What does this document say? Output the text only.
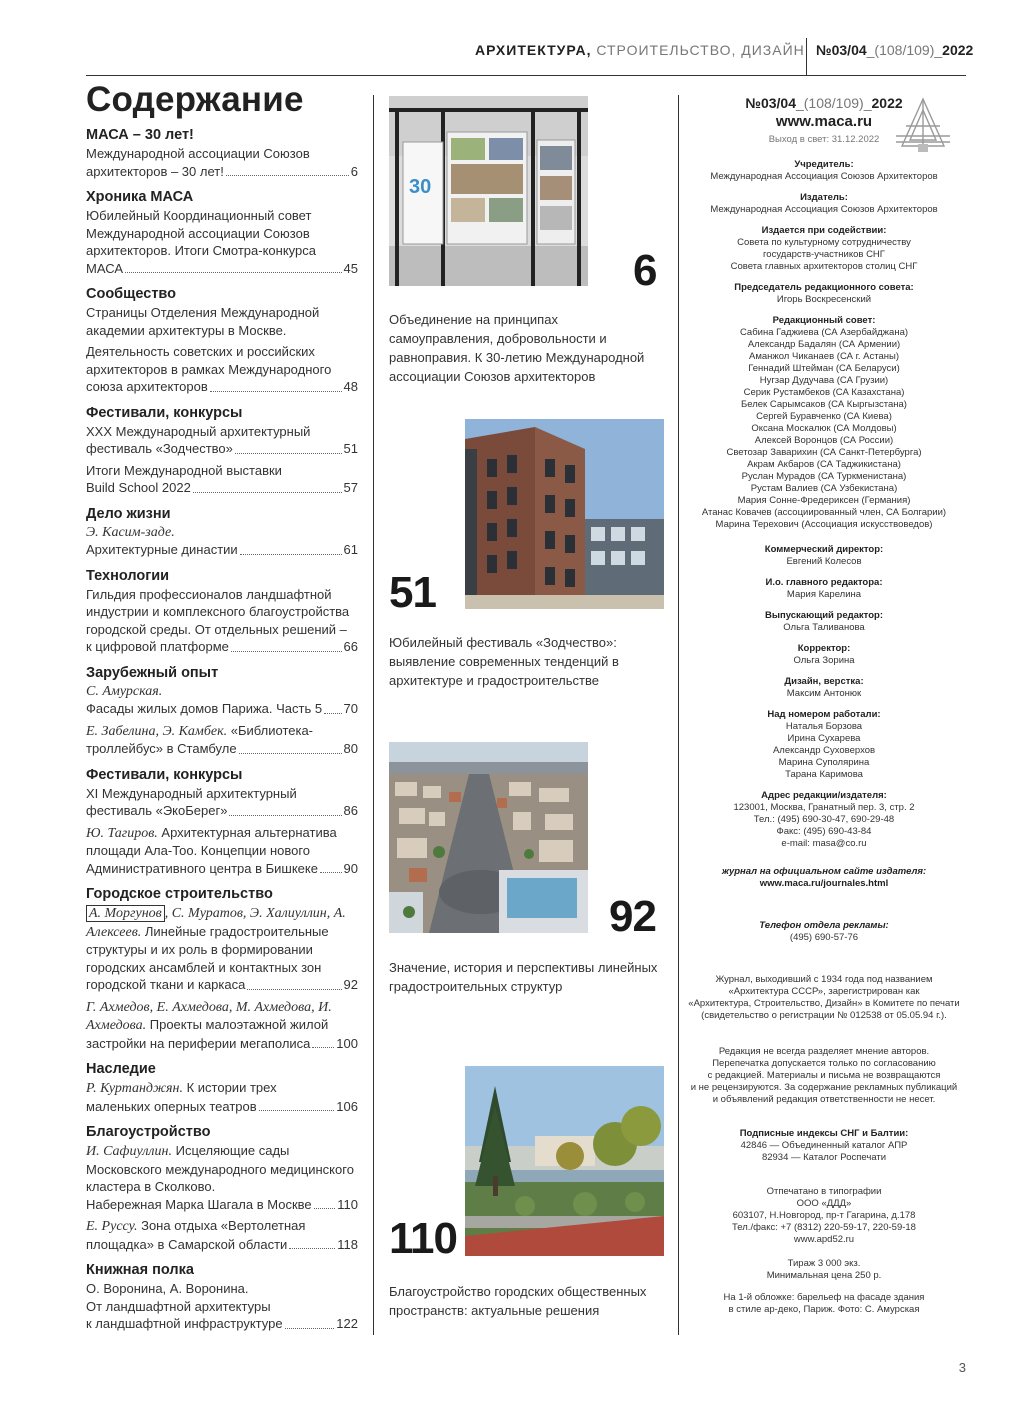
АРХИТЕКТУРА, СТРОИТЕЛЬСТВО, ДИЗАЙН №03/04_(108/109)_2022
Содержание
МАСА – 30 лет!
Международной ассоциации Союзов
архитекторов – 30 лет!	6
Хроника МАСА
Юбилейный Координационный совет Международной ассоциации Союзов архитекторов. Итоги Смотра-конкурса
МАСА	45
Сообщество
Страницы Отделения Международной академии архитектуры в Москве.
Деятельность советских и российских архитекторов в рамках Международного
союза архитекторов	48
Фестивали, конкурсы
XXX Международный архитектурный
фестиваль «Зодчество»	51
Итоги Международной выставки
Build School 2022	57
Дело жизни
Э. Касим-заде.
Архитектурные династии	61
Технологии
Гильдия профессионалов ландшафтной индустрии и комплексного благоустройства городской среды. От отдельных решений –
к цифровой платформе	66
Зарубежный опыт
С. Амурская.
Фасады жилых домов Парижа. Часть 5 70
Е. Забелина, Э. Камбек. «Библиотека-
троллейбус» в Стамбуле	80
Фестивали, конкурсы
XI Международный архитектурный
фестиваль «ЭкоБерег»	86
Ю. Тагиров. Архитектурная альтернатива площади Ала-Тоо. Концепции нового
Административного центра в Бишкеке 90
Городское строительство
А. Моргунов , С. Муратов, Э. Халиуллин, А. Алексеев. Линейные градостроительные структуры и их роль в формировании городских ансамблей и контактных зон
городской ткани и каркаса	92
Г. Ахмедов, Е. Ахмедова, М. Ахмедова, И. Ахмедова. Проекты малоэтажной жилой
застройки на периферии мегаполиса 100
Наследие
Р. Куртанджян. К истории трех
маленьких оперных театров	106
Благоустройство
И. Сафиуллин. Исцеляющие сады Московского международного медицинского кластера в Сколково.
Набережная Марка Шагала в Москве 110
Е. Руссу. Зона отдыха «Вертолетная
площадка» в Самарской области	118
Книжная полка
О. Воронина, А. Воронина.
От ландшафтной архитектуры
к ландшафтной инфраструктуре	122
30
6
Объединение на принципах самоуправления, добровольности и равноправия. К 30-летию Международной ассоциации Союзов архитекторов
51
Юбилейный фестиваль «Зодчество»: выявление современных тенденций в архитектуре и градостроительстве
92
Значение, история и перспективы линейных градостроительных структур
110
Благоустройство городских общественных пространств: актуальные решения
№03/04_(108/109)_2022
www.maca.ru
Выход в свет: 31.12.2022
Учредитель:
Международная Ассоциация Союзов Архитекторов
Издатель:
Международная Ассоциация Союзов Архитекторов
Издается при содействии:
Совета по культурному сотрудничеству
государств-участников СНГ
Совета главных архитекторов столиц СНГ
Председатель редакционного совета:
Игорь Воскресенский
Редакционный совет:
Сабина Гаджиева (СА Азербайджана)
Александр Бадалян (СА Армении)
Аманжол Чиканаев (СА г. Астаны)
Геннадий Штейман (СА Беларуси)
Нугзар Дудучава (СА Грузии)
Серик Рустамбеков (СА Казахстана)
Белек Сарымсаков (СА Кыргызстана)
Сергей Буравченко (СА Киева)
Оксана Москалюк (СА Молдовы)
Алексей Воронцов (СА России)
Светозар Заварихин (СА Санкт-Петербурга)
Акрам Акбаров (СА Таджикистана)
Руслан Мурадов (СА Туркменистана)
Рустам Валиев (СА Узбекистана)
Мария Сонне-Фредериксен (Германия)
Атанас Ковачев (ассоциированный член, СА Болгарии)
Марина Терехович (Ассоциация искусствоведов)
Коммерческий директор:
Евгений Колесов
И.о. главного редактора:
Мария Карелина
Выпускающий редактор:
Ольга Таливанова
Корректор:
Ольга Зорина
Дизайн, верстка:
Максим Антонюк
Над номером работали:
Наталья Борзова
Ирина Сухарева
Александр Суховерхов
Марина Суполярина
Тарана Каримова
Адрес редакции/издателя:
123001, Москва, Гранатный пер. 3, стр. 2
Тел.: (495) 690-30-47, 690-29-48
Факс: (495) 690-43-84
e-mail: masa@co.ru
журнал на официальном сайте издателя:
www.maca.ru/journales.html
Телефон отдела рекламы:
(495) 690-57-76
Журнал, выходивший с 1934 года под названием
«Архитектура СССР», зарегистрирован как
«Архитектура, Строительство, Дизайн» в Комитете по печати
(свидетельство о регистрации № 012538 от 05.05.94 г.).
Редакция не всегда разделяет мнение авторов.
Перепечатка допускается только по согласованию
с редакцией. Материалы и письма не возвращаются
и не рецензируются. За содержание рекламных публикаций
и объявлений редакция ответственности не несет.
Подписные индексы СНГ и Балтии:
42846 — Объединенный каталог АПР
82934 — Каталог Роспечати
Отпечатано в типографии
ООО «ДДД»
603107, Н.Новгород, пр-т Гагарина, д.178
Тел./факс: +7 (8312) 220-59-17, 220-59-18
www.apd52.ru
Тираж 3 000 экз.
Минимальная цена 250 р.
На 1-й обложке: барельеф на фасаде здания
в стиле ар-деко, Париж. Фото: С. Амурская
3
